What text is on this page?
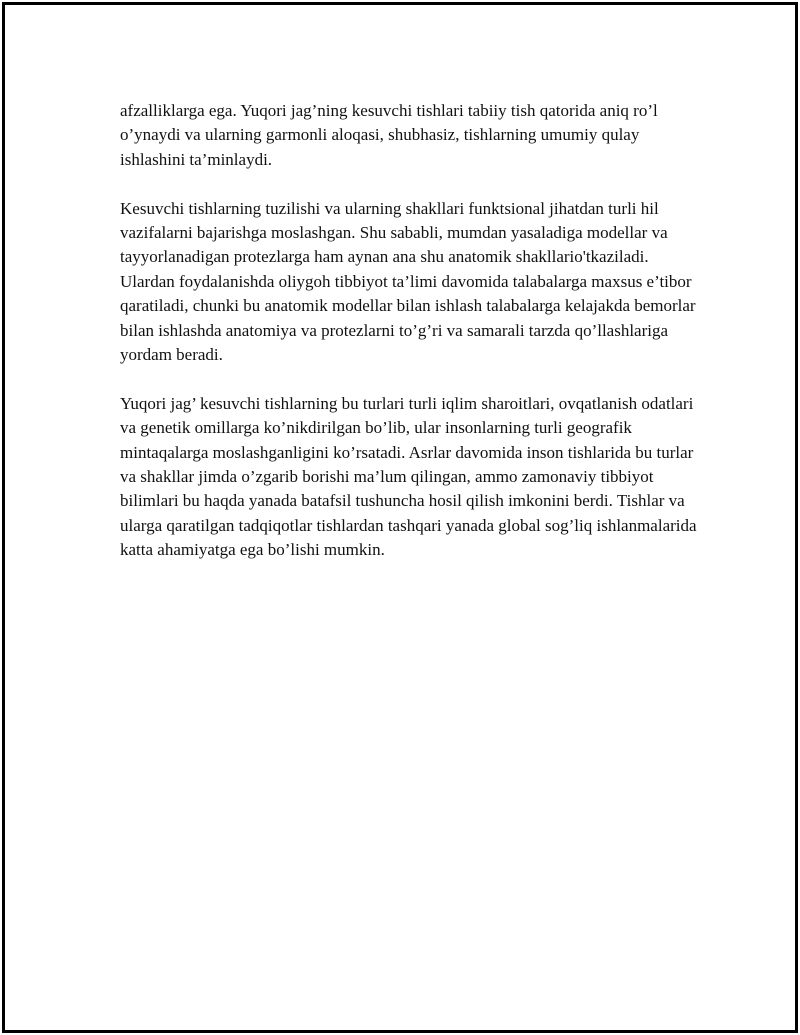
afzalliklarga ega. Yuqori jag’ning kesuvchi tishlari tabiiy tish qatorida aniq ro’l o’ynaydi va ularning garmonli aloqasi, shubhasiz, tishlarning umumiy qulay ishlashini ta’minlaydi.

Kesuvchi tishlarning tuzilishi va ularning shakllari funktsional jihatdan turli hil vazifalarni bajarishga moslashgan. Shu sababli, mumdan yasaladiga modellar va tayyorlanadigan protezlarga ham aynan ana shu anatomik shakllario'tkaziladi. Ulardan foydalanishda oliygoh tibbiyot ta’limi davomida talabalarga maxsus e’tibor qaratiladi, chunki bu anatomik modellar bilan ishlash talabalarga kelajakda bemorlar bilan ishlashda anatomiya va protezlarni to’g’ri va samarali tarzda qo’llashlariga yordam beradi.

Yuqori jag’ kesuvchi tishlarning bu turlari turli iqlim sharoitlari, ovqatlanish odatlari va genetik omillarga ko’nikdirilgan bo’lib, ular insonlarning turli geografik mintaqalarga moslashganligini ko’rsatadi. Asrlar davomida inson tishlarida bu turlar va shakllar jimda o’zgarib borishi ma’lum qilingan, ammo zamonaviy tibbiyot bilimlari bu haqda yanada batafsil tushuncha hosil qilish imkonini berdi. Tishlar va ularga qaratilgan tadqiqotlar tishlardan tashqari yanada global sog’liq ishlanmalarida katta ahamiyatga ega bo’lishi mumkin.
